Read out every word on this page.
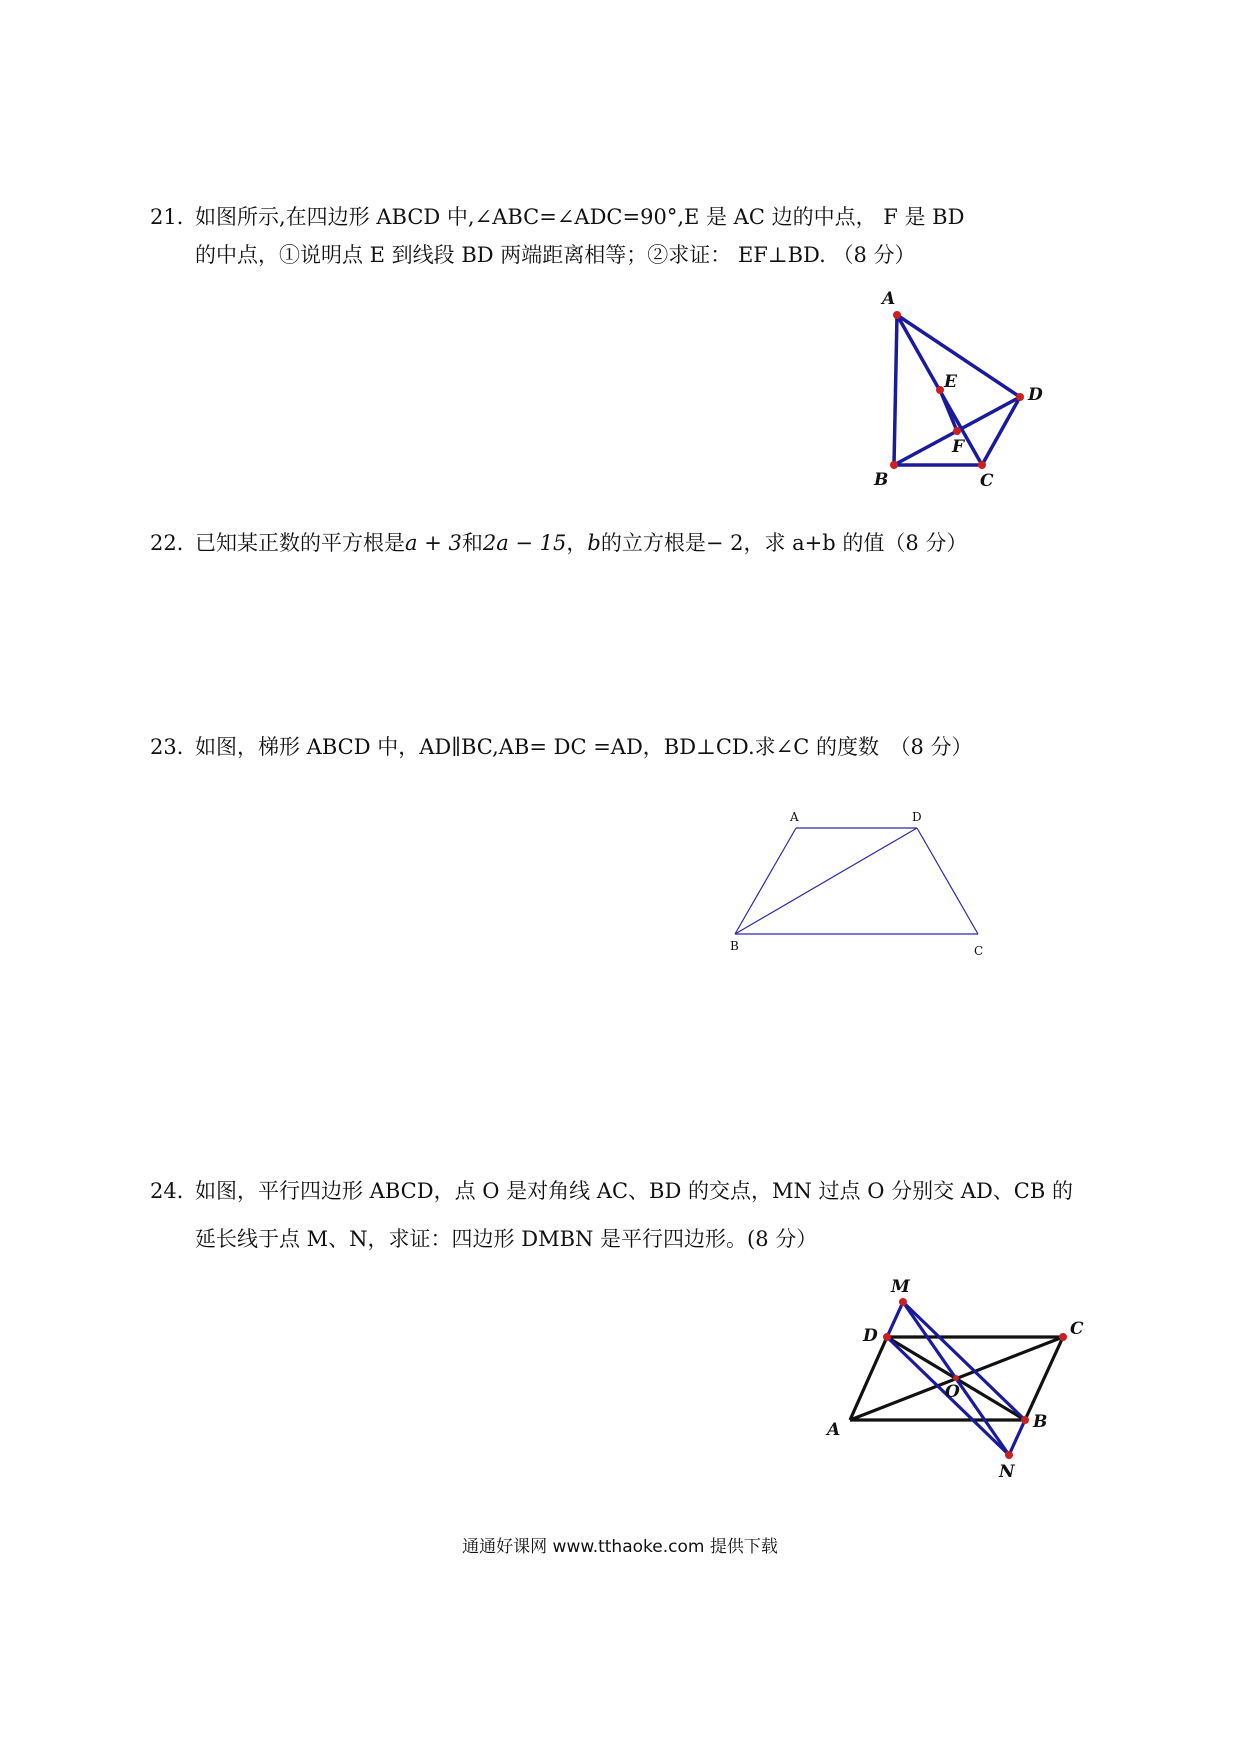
21．如图所示,在四边形 ABCD 中,∠ABC=∠ADC=90°,E 是 AC 边的中点， F 是 BD
的中点，①说明点 E 到线段 BD 两端距离相等；②求证： EF⊥BD. （8 分）
A
B	C
D
E
F
22．已知某正数的平方根是a + 3和2a − 15，b的立方根是− 2，求 a+b 的值（8 分）
23．如图，梯形 ABCD 中，AD∥BC,AB= DC =AD，BD⊥CD.求∠C 的度数　（8 分）
A	D
B	C
24．如图，平行四边形 ABCD，点 O 是对角线 AC、BD 的交点，MN 过点 O 分别交 AD、CB 的
延长线于点 M、N，求证：四边形 DMBN 是平行四边形。(8 分）
M
D	C
O
A	B
N
通通好课网 www.tthaoke.com 提供下载
